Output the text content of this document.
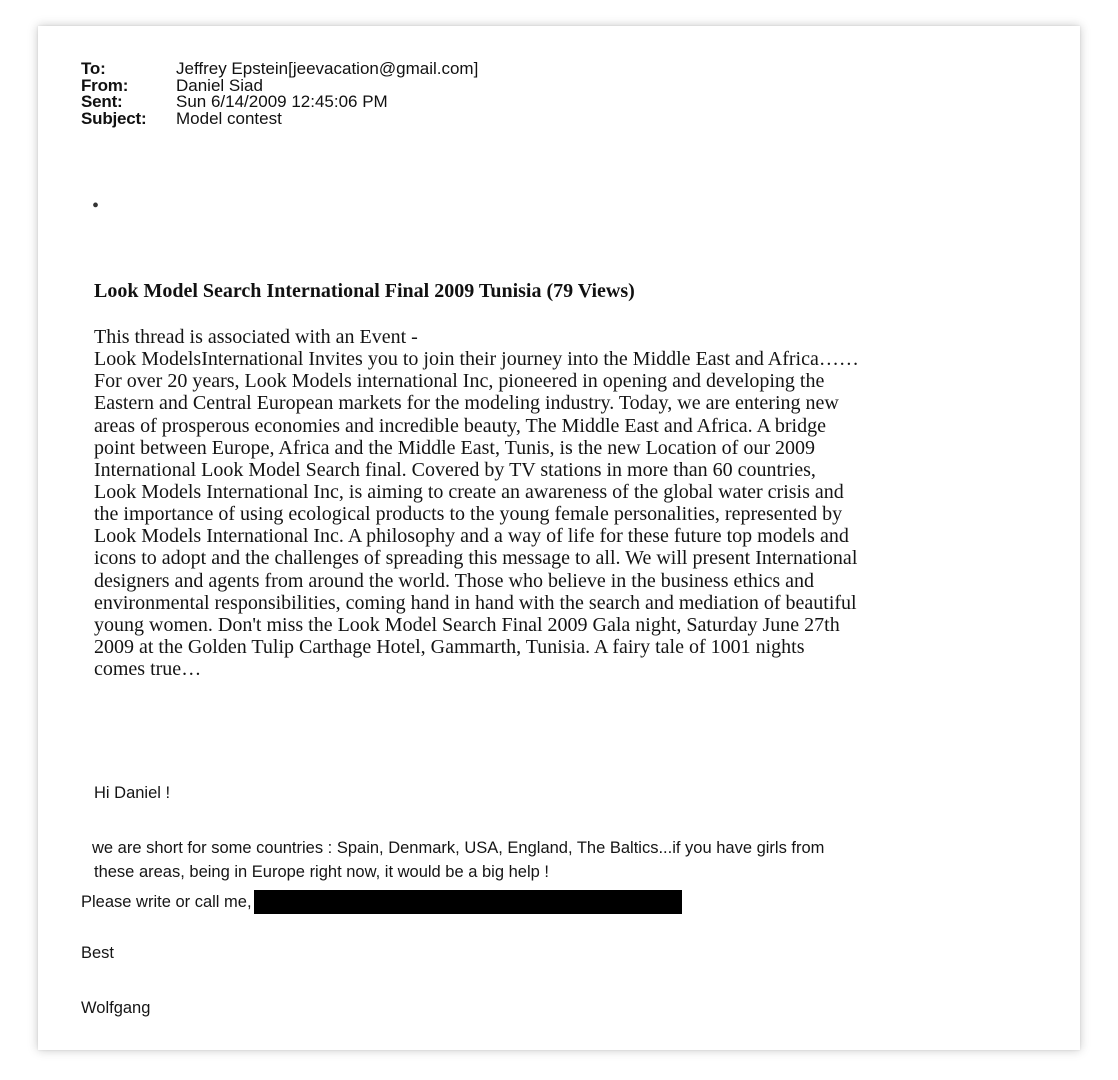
To:	Jeffrey Epstein[jeevacation@gmail.com]
From:	Daniel Siad
Sent:	Sun 6/14/2009 12:45:06 PM
Subject:	Model contest
•
Look Model Search International Final 2009 Tunisia (79 Views)
This thread is associated with an Event -
Look ModelsInternational Invites you to join their journey into the Middle East and Africa……
For over 20 years, Look Models international Inc, pioneered in opening and developing the
Eastern and Central European markets for the modeling industry. Today, we are entering new
areas of prosperous economies and incredible beauty, The Middle East and Africa. A bridge
point between Europe, Africa and the Middle East, Tunis, is the new Location of our 2009
International Look Model Search final. Covered by TV stations in more than 60 countries,
Look Models International Inc, is aiming to create an awareness of the global water crisis and
the importance of using ecological products to the young female personalities, represented by
Look Models International Inc. A philosophy and a way of life for these future top models and
icons to adopt and the challenges of spreading this message to all. We will present International
designers and agents from around the world. Those who believe in the business ethics and
environmental responsibilities, coming hand in hand with the search and mediation of beautiful
young women. Don't miss the Look Model Search Final 2009 Gala night, Saturday June 27th
2009 at the Golden Tulip Carthage Hotel, Gammarth, Tunisia. A fairy tale of 1001 nights
comes true…
Hi Daniel !
we are short for some countries : Spain, Denmark, USA, England, The Baltics...if you have girls from
these areas, being in Europe right now, it would be a big help !
Please write or call me,
Best
Wolfgang
